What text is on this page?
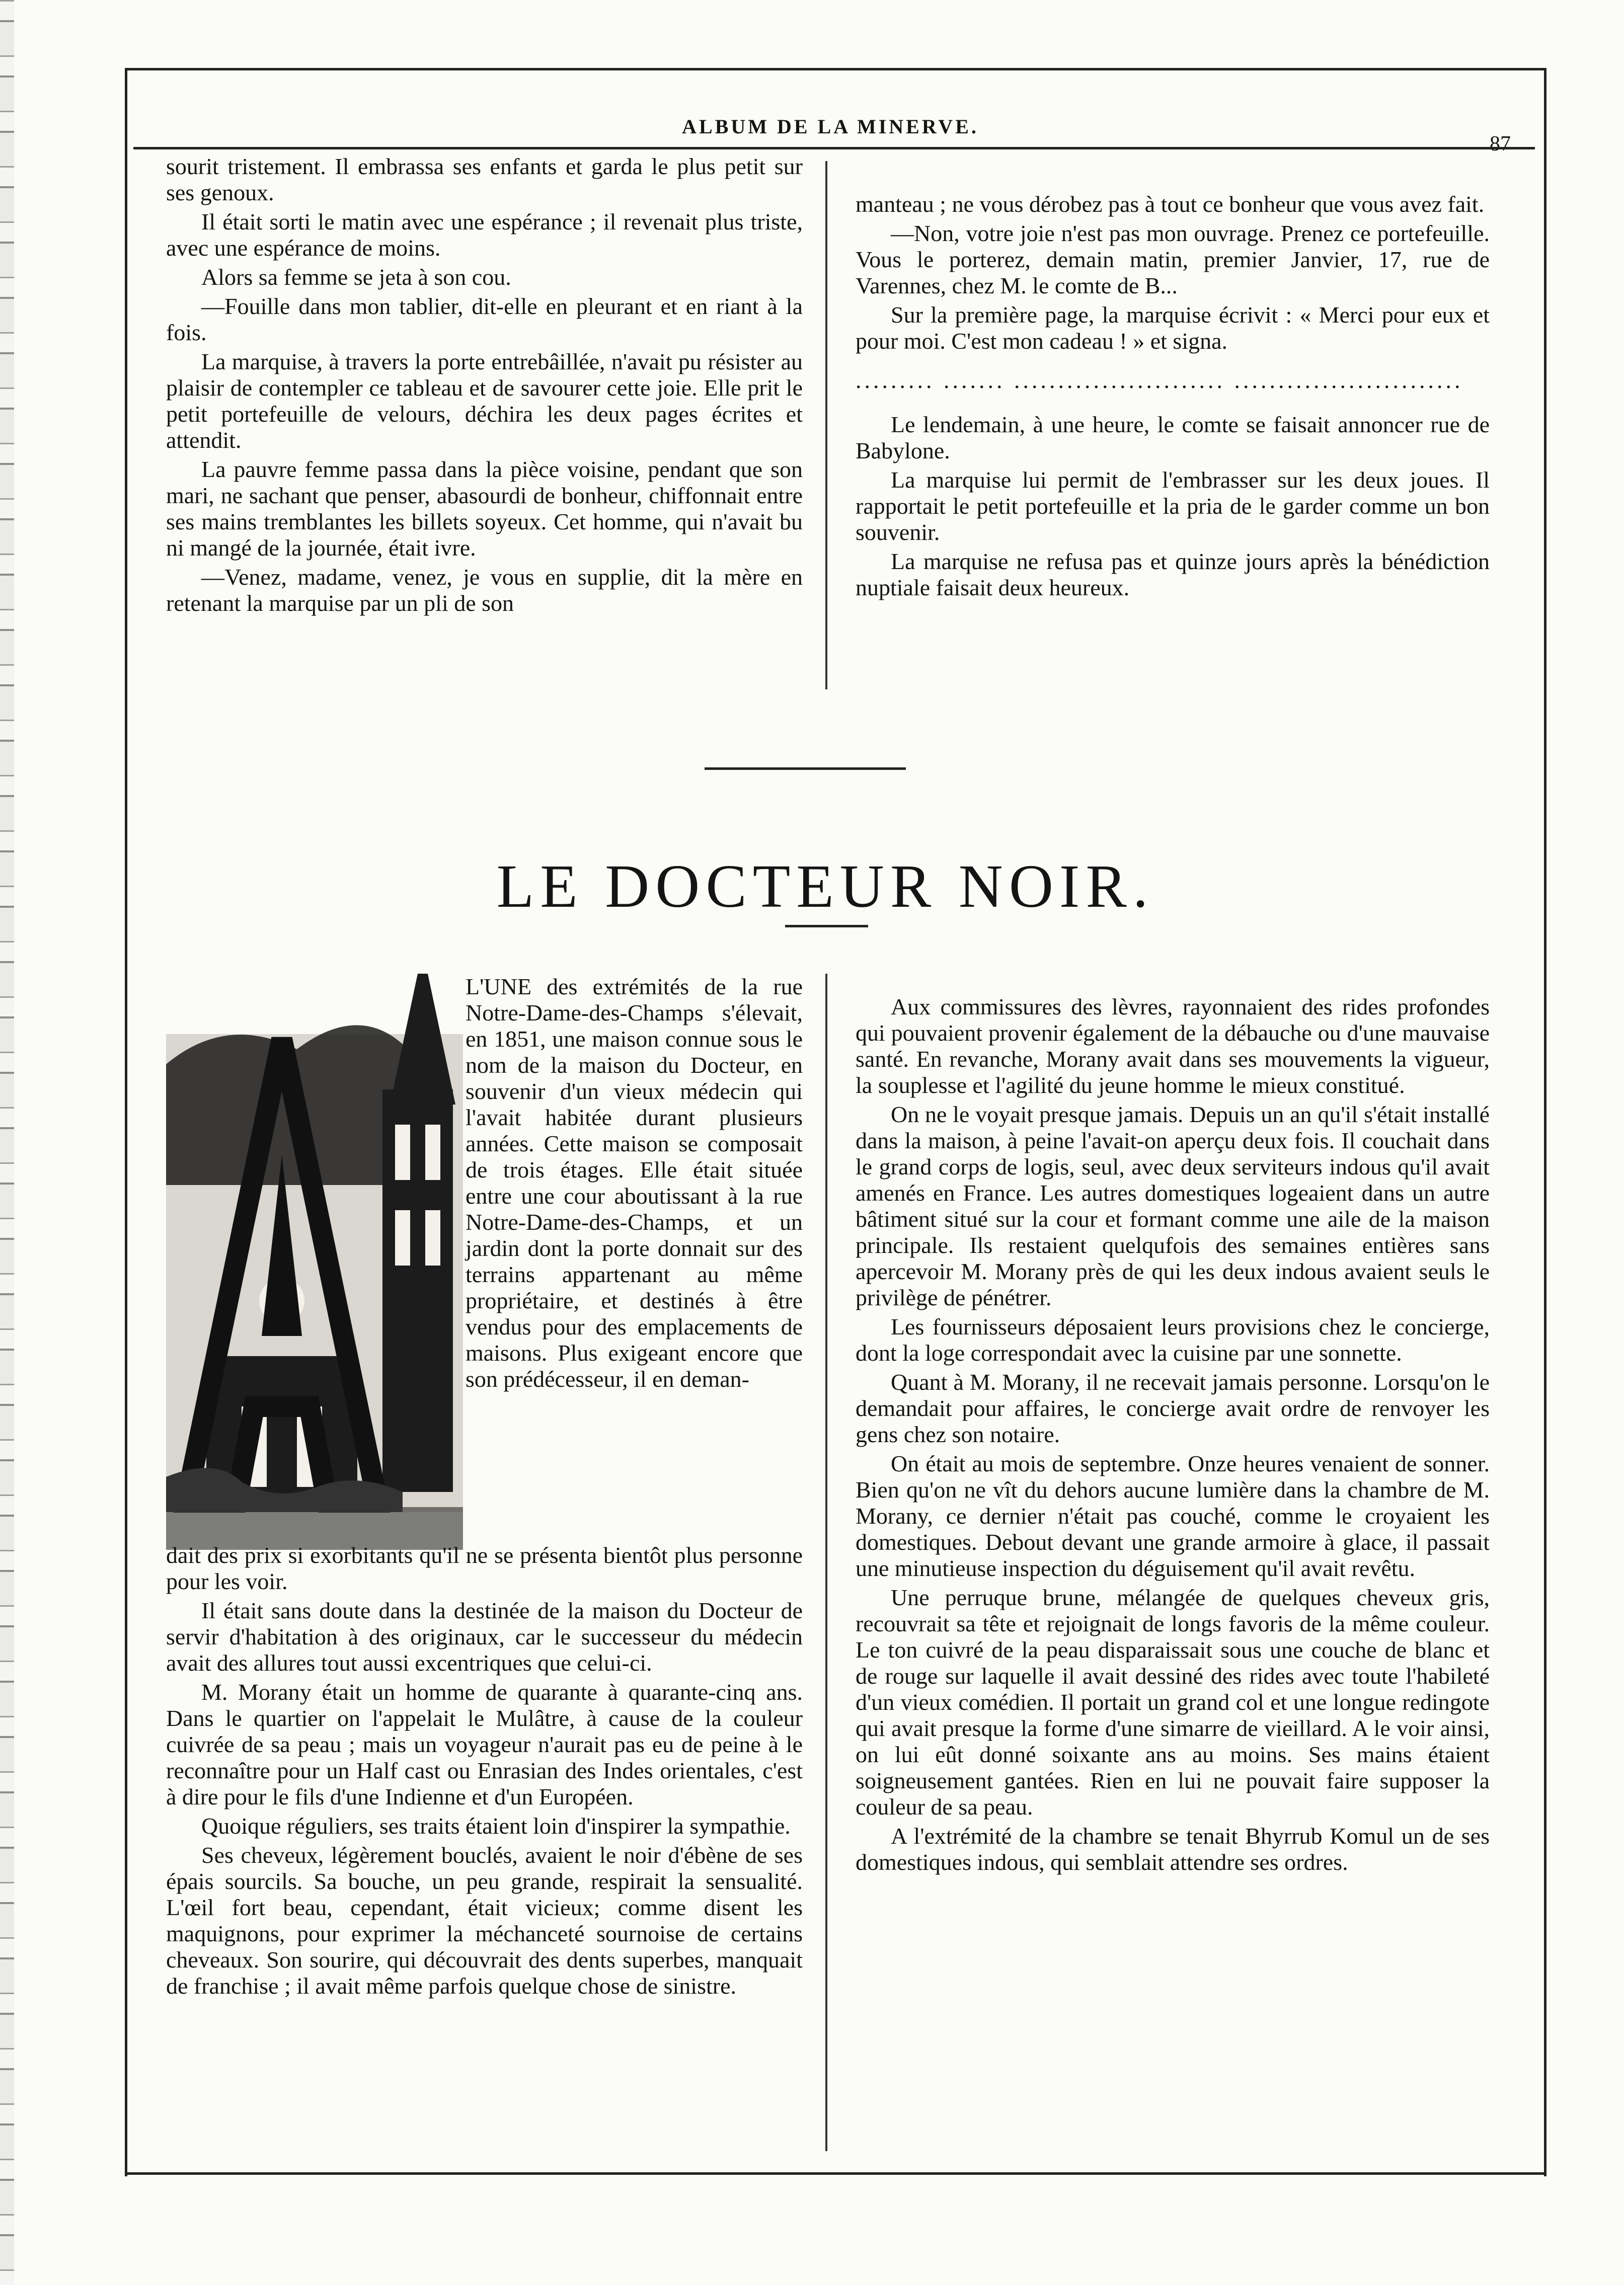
ALBUM DE LA MINERVE.
87

sourit tristement. Il embrassa ses enfants et garda le plus petit sur ses genoux.

Il était sorti le matin avec une espérance ; il revenait plus triste, avec une espérance de moins.

Alors sa femme se jeta à son cou.

—Fouille dans mon tablier, dit-elle en pleurant et en riant à la fois.

La marquise, à travers la porte entrebâillée, n'avait pu résister au plaisir de contempler ce tableau et de savourer cette joie. Elle prit le petit portefeuille de velours, déchira les deux pages écrites et attendit.

La pauvre femme passa dans la pièce voisine, pendant que son mari, ne sachant que penser, abasourdi de bonheur, chiffonnait entre ses mains tremblantes les billets soyeux. Cet homme, qui n'avait bu ni mangé de la journée, était ivre.

—Venez, madame, venez, je vous en supplie, dit la mère en retenant la marquise par un pli de son

manteau ; ne vous dérobez pas à tout ce bonheur que vous avez fait.

—Non, votre joie n'est pas mon ouvrage. Prenez ce portefeuille. Vous le porterez, demain matin, premier Janvier, 17, rue de Varennes, chez M. le comte de B...

Sur la première page, la marquise écrivit : « Merci pour eux et pour moi. C'est mon cadeau ! » et signa.

......... ....... ........................ ..........................

Le lendemain, à une heure, le comte se faisait annoncer rue de Babylone.

La marquise lui permit de l'embrasser sur les deux joues. Il rapportait le petit portefeuille et la pria de le garder comme un bon souvenir.

La marquise ne refusa pas et quinze jours après la bénédiction nuptiale faisait deux heureux.

LE DOCTEUR NOIR.

L'UNE des extrémités de la rue Notre-Dame-des-Champs s'élevait, en 1851, une maison connue sous le nom de la maison du Docteur, en souvenir d'un vieux médecin qui l'avait habitée durant plusieurs années. Cette maison se composait de trois étages. Elle était située entre une cour aboutissant à la rue Notre-Dame-des-Champs, et un jardin dont la porte donnait sur des terrains appartenant au même propriétaire, et destinés à être vendus pour des emplacements de maisons. Plus exigeant encore que son prédécesseur, il en deman-

dait des prix si exorbitants qu'il ne se présenta bientôt plus personne pour les voir.

Il était sans doute dans la destinée de la maison du Docteur de servir d'habitation à des originaux, car le successeur du médecin avait des allures tout aussi excentriques que celui-ci.

M. Morany était un homme de quarante à quarante-cinq ans. Dans le quartier on l'appelait le Mulâtre, à cause de la couleur cuivrée de sa peau ; mais un voyageur n'aurait pas eu de peine à le reconnaître pour un Half cast ou Enrasian des Indes orientales, c'est à dire pour le fils d'une Indienne et d'un Européen.

Quoique réguliers, ses traits étaient loin d'inspirer la sympathie.

Ses cheveux, légèrement bouclés, avaient le noir d'ébène de ses épais sourcils. Sa bouche, un peu grande, respirait la sensualité. L'œil fort beau, cependant, était vicieux; comme disent les maquignons, pour exprimer la méchanceté sournoise de certains cheveaux. Son sourire, qui découvrait des dents superbes, manquait de franchise ; il avait même parfois quelque chose de sinistre.

Aux commissures des lèvres, rayonnaient des rides profondes qui pouvaient provenir également de la débauche ou d'une mauvaise santé. En revanche, Morany avait dans ses mouvements la vigueur, la souplesse et l'agilité du jeune homme le mieux constitué.

On ne le voyait presque jamais. Depuis un an qu'il s'était installé dans la maison, à peine l'avait-on aperçu deux fois. Il couchait dans le grand corps de logis, seul, avec deux serviteurs indous qu'il avait amenés en France. Les autres domestiques logeaient dans un autre bâtiment situé sur la cour et formant comme une aile de la maison principale. Ils restaient quelqufois des semaines entières sans apercevoir M. Morany près de qui les deux indous avaient seuls le privilège de pénétrer.

Les fournisseurs déposaient leurs provisions chez le concierge, dont la loge correspondait avec la cuisine par une sonnette.

Quant à M. Morany, il ne recevait jamais personne. Lorsqu'on le demandait pour affaires, le concierge avait ordre de renvoyer les gens chez son notaire.

On était au mois de septembre. Onze heures venaient de sonner. Bien qu'on ne vît du dehors aucune lumière dans la chambre de M. Morany, ce dernier n'était pas couché, comme le croyaient les domestiques. Debout devant une grande armoire à glace, il passait une minutieuse inspection du déguisement qu'il avait revêtu.

Une perruque brune, mélangée de quelques cheveux gris, recouvrait sa tête et rejoignait de longs favoris de la même couleur. Le ton cuivré de la peau disparaissait sous une couche de blanc et de rouge sur laquelle il avait dessiné des rides avec toute l'habileté d'un vieux comédien. Il portait un grand col et une longue redingote qui avait presque la forme d'une simarre de vieillard. A le voir ainsi, on lui eût donné soixante ans au moins. Ses mains étaient soigneusement gantées. Rien en lui ne pouvait faire supposer la couleur de sa peau.

A l'extrémité de la chambre se tenait Bhyrrub Komul un de ses domestiques indous, qui semblait attendre ses ordres.
